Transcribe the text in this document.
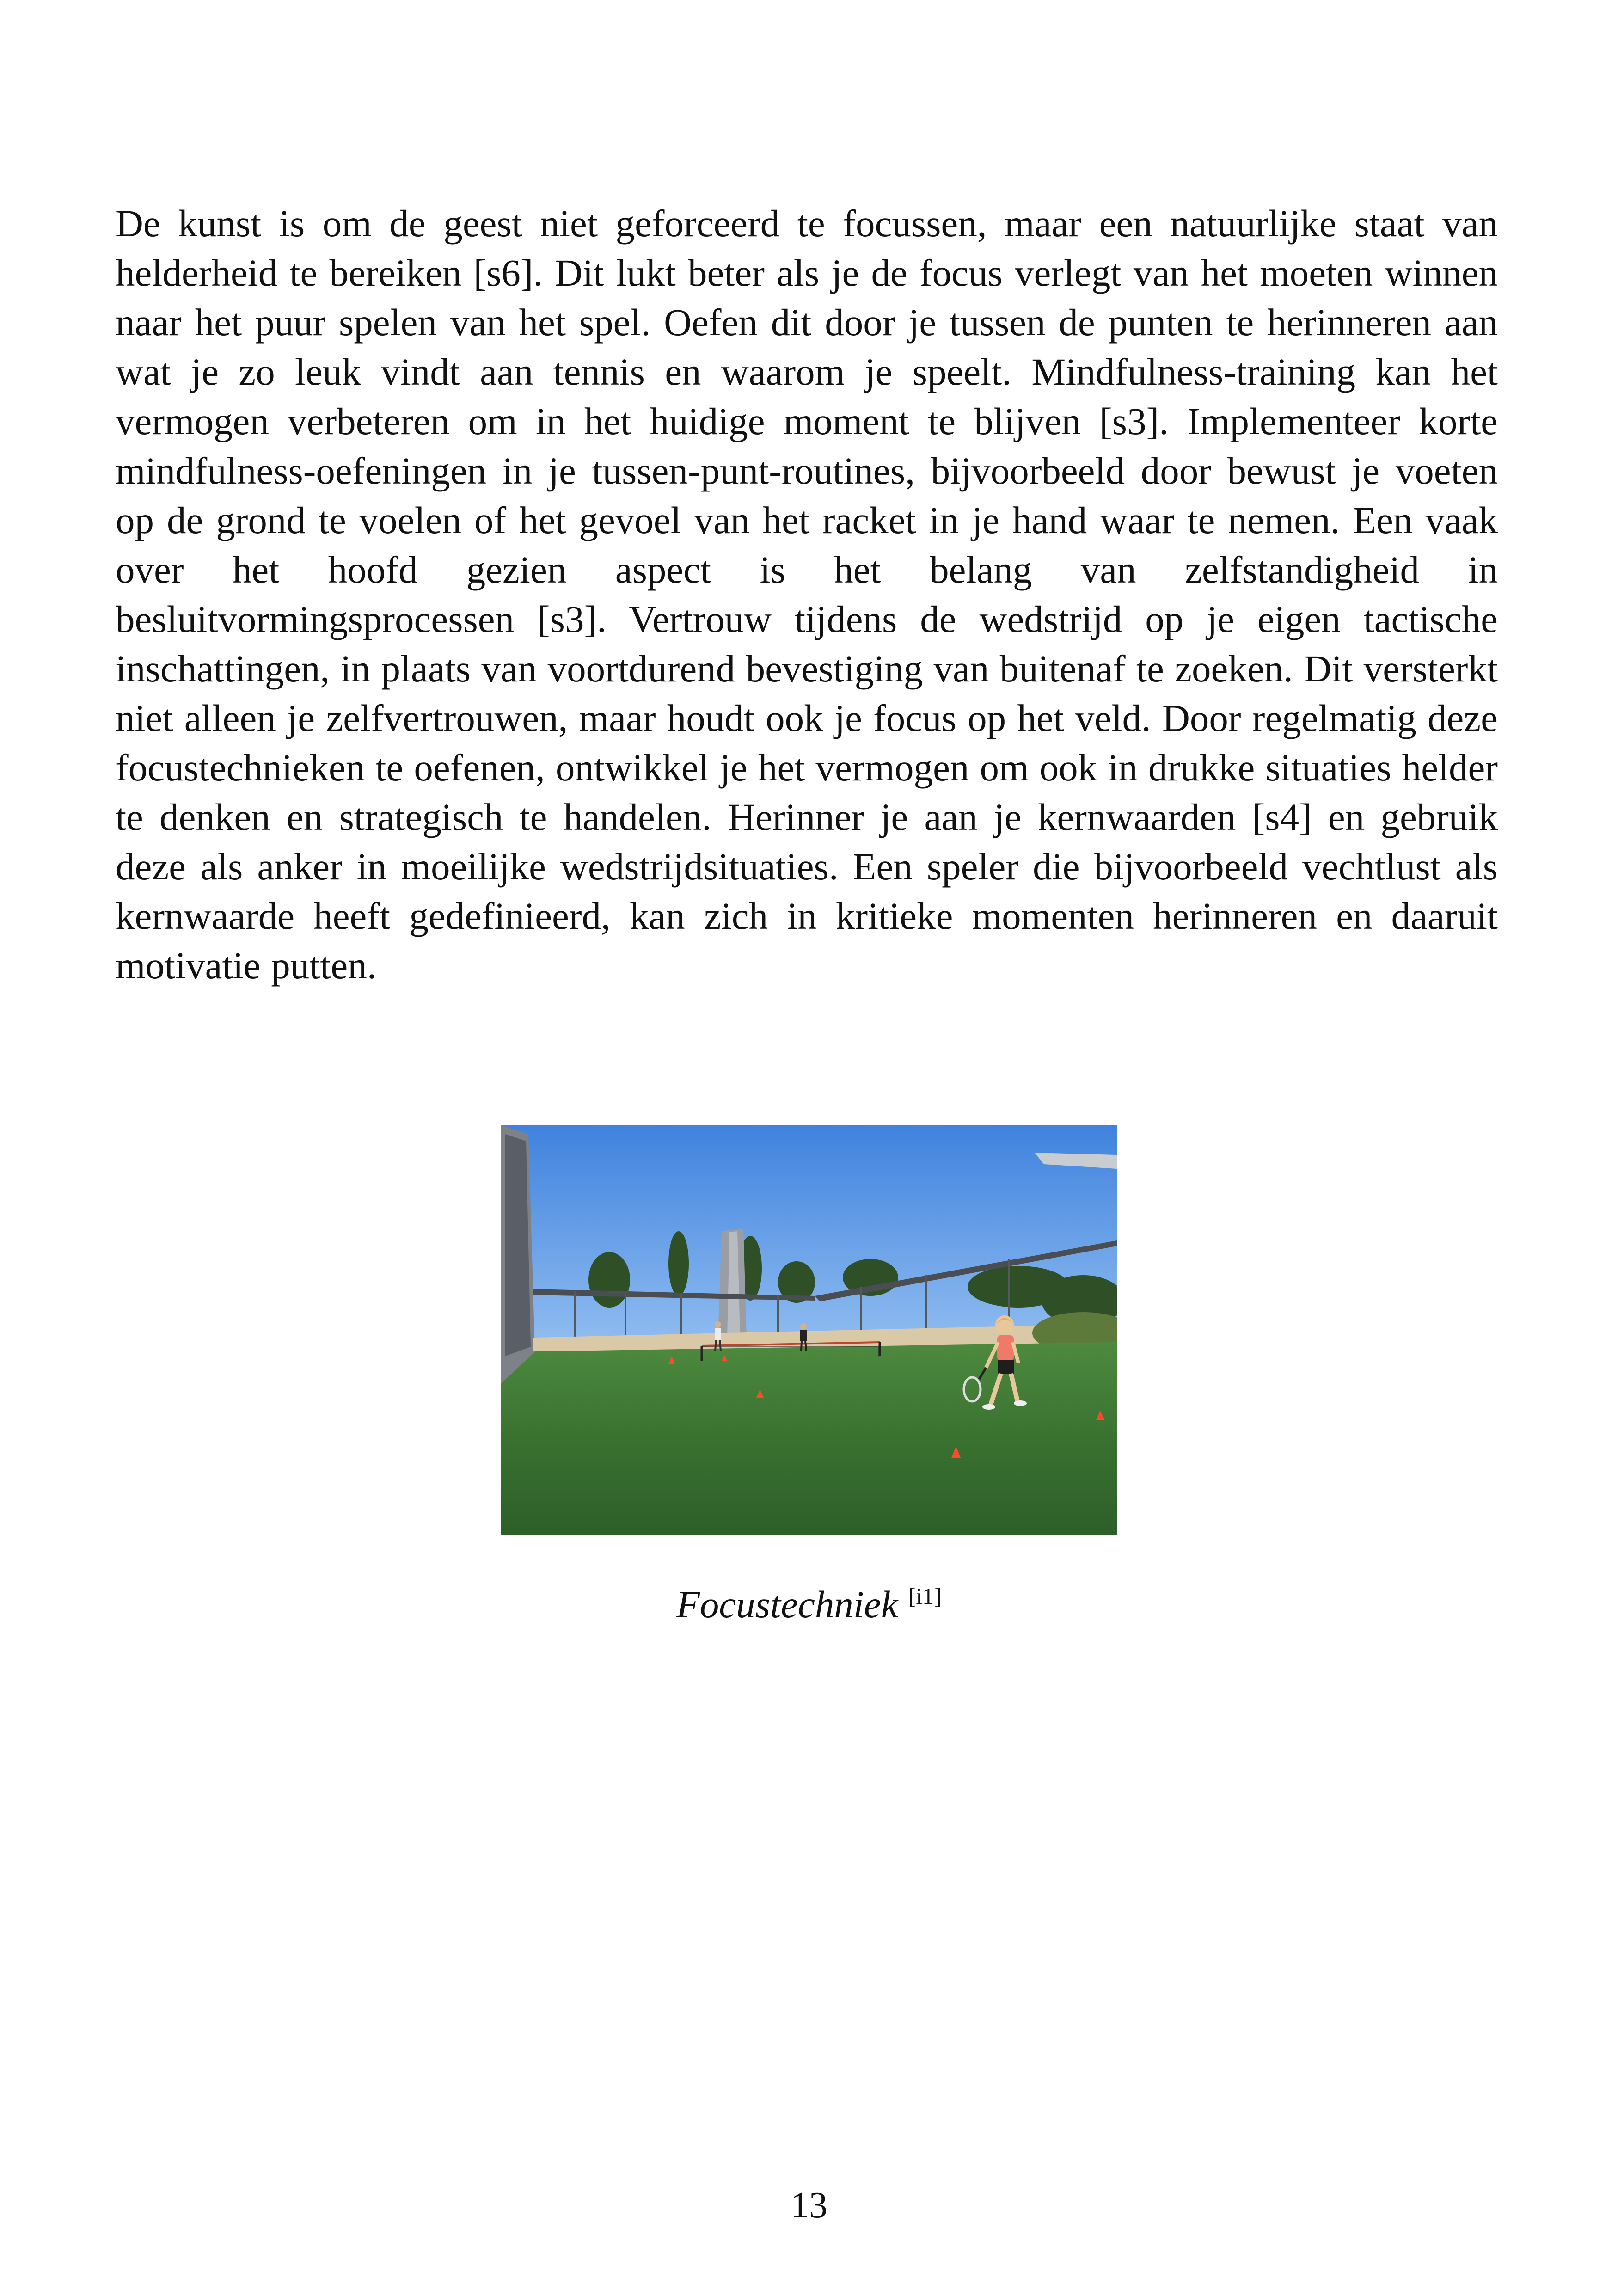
De kunst is om de geest niet geforceerd te focussen, maar een natuurlijke staat van helderheid te bereiken [s6]. Dit lukt beter als je de focus verlegt van het moeten winnen naar het puur spelen van het spel. Oefen dit door je tussen de punten te herinneren aan wat je zo leuk vindt aan tennis en waarom je speelt. Mindfulness-training kan het vermogen verbeteren om in het huidige moment te blijven [s3]. Implementeer korte mindfulness-oefeningen in je tussen-punt-routines, bijvoorbeeld door bewust je voeten op de grond te voelen of het gevoel van het racket in je hand waar te nemen. Een vaak over het hoofd gezien aspect is het belang van zelfstandigheid in besluitvormingsprocessen [s3]. Vertrouw tijdens de wedstrijd op je eigen tactische inschattingen, in plaats van voortdurend bevestiging van buitenaf te zoeken. Dit versterkt niet alleen je zelfvertrouwen, maar houdt ook je focus op het veld. Door regelmatig deze focustechnieken te oefenen, ontwikkel je het vermogen om ook in drukke situaties helder te denken en strategisch te handelen. Herinner je aan je kernwaarden [s4] en gebruik deze als anker in moeilijke wedstrijdsituaties. Een speler die bijvoorbeeld vechtlust als kernwaarde heeft gedefinieerd, kan zich in kritieke momenten herinneren en daaruit motivatie putten.

Focustechniek [i1]
13
